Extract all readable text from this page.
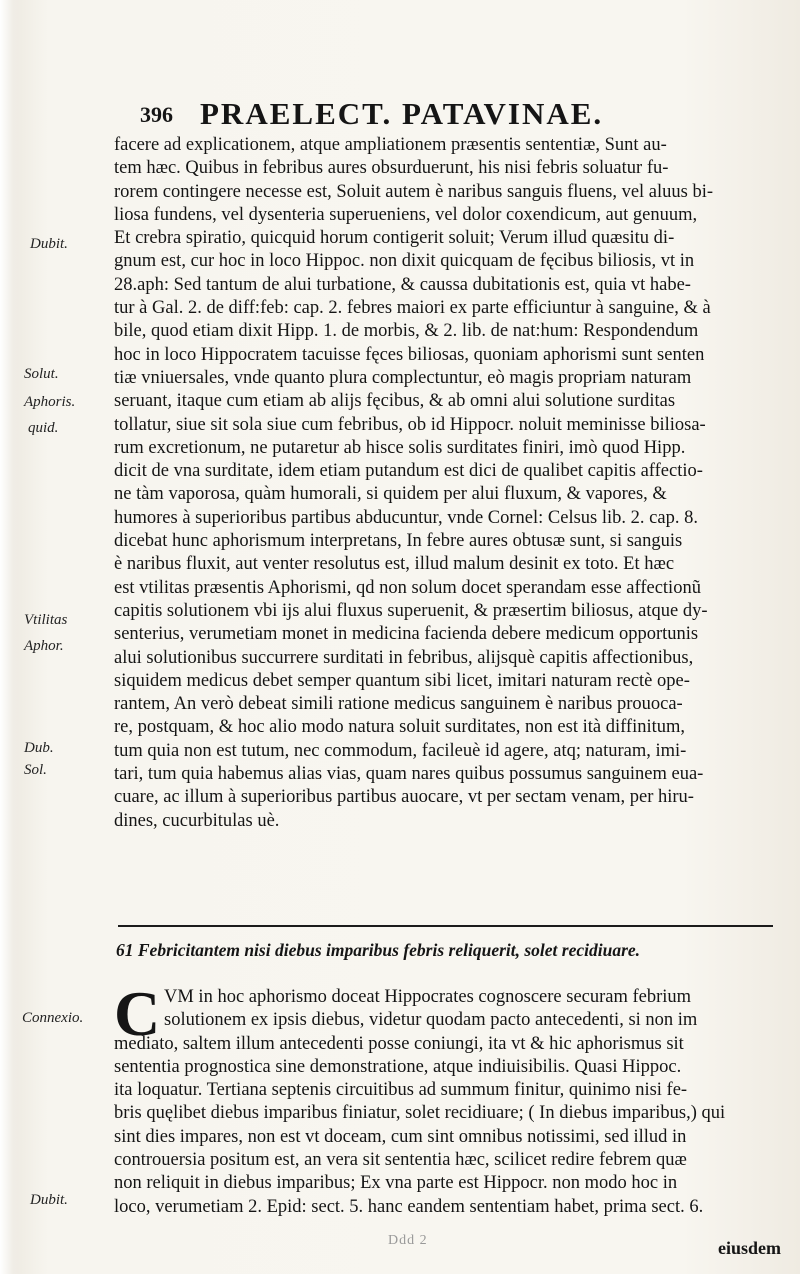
396 PRAELECT. PATAVINAE.
Dubit.
Solut.
Aphoris.
quid.
Vtilitas
Aphor.
Dub.
Sol.
Connexio.
Dubit.
facere ad explicationem, atque ampliationem præsentis sententiæ, Sunt au-
tem hæc. Quibus in febribus aures obsurduerunt, his nisi febris soluatur fu-
rorem contingere necesse est, Soluit autem è naribus sanguis fluens, vel aluus bi-
liosa fundens, vel dysenteria superueniens, vel dolor coxendicum, aut genuum,
Et crebra spiratio, quicquid horum contigerit soluit; Verum illud quæsitu di-
gnum est, cur hoc in loco Hippoc. non dixit quicquam de fęcibus biliosis, vt in
28.aph: Sed tantum de alui turbatione, & caussa dubitationis est, quia vt habe-
tur à Gal. 2. de diff:feb: cap. 2. febres maiori ex parte efficiuntur à sanguine, & à
bile, quod etiam dixit Hipp. 1. de morbis, & 2. lib. de nat:hum: Respondendum
hoc in loco Hippocratem tacuisse fęces biliosas, quoniam aphorismi sunt senten
tiæ vniuersales, vnde quanto plura complectuntur, eò magis propriam naturam
seruant, itaque cum etiam ab alijs fęcibus, & ab omni alui solutione surditas
tollatur, siue sit sola siue cum febribus, ob id Hippocr. noluit meminisse biliosa-
rum excretionum, ne putaretur ab hisce solis surditates finiri, imò quod Hipp.
dicit de vna surditate, idem etiam putandum est dici de qualibet capitis affectio-
ne tàm vaporosa, quàm humorali, si quidem per alui fluxum, & vapores, &
humores à superioribus partibus abducuntur, vnde Cornel: Celsus lib. 2. cap. 8.
dicebat hunc aphorismum interpretans, In febre aures obtusæ sunt, si sanguis
è naribus fluxit, aut venter resolutus est, illud malum desinit ex toto. Et hæc
est vtilitas præsentis Aphorismi, qd non solum docet sperandam esse affectionũ
capitis solutionem vbi ijs alui fluxus superuenit, & præsertim biliosus, atque dy-
senterius, verumetiam monet in medicina facienda debere medicum opportunis
alui solutionibus succurrere surditati in febribus, alijsquè capitis affectionibus,
siquidem medicus debet semper quantum sibi licet, imitari naturam rectè ope-
rantem, An verò debeat simili ratione medicus sanguinem è naribus prouoca-
re, postquam, & hoc alio modo natura soluit surditates, non est ità diffinitum,
tum quia non est tutum, nec commodum, facileuè id agere, atq; naturam, imi-
tari, tum quia habemus alias vias, quam nares quibus possumus sanguinem eua-
cuare, ac illum à superioribus partibus auocare, vt per sectam venam, per hiru-
dines, cucurbitulas uè.
61 Febricitantem nisi diebus imparibus febris reliquerit, solet recidiuare.
C VM in hoc aphorismo doceat Hippocrates cognoscere securam febrium
solutionem ex ipsis diebus, videtur quodam pacto antecedenti, si non im
mediato, saltem illum antecedenti posse coniungi, ita vt & hic aphorismus sit
sententia prognostica sine demonstratione, atque indiuisibilis. Quasi Hippoc.
ita loquatur. Tertiana septenis circuitibus ad summum finitur, quinimo nisi fe-
bris quęlibet diebus imparibus finiatur, solet recidiuare; ( In diebus imparibus,) qui
sint dies impares, non est vt doceam, cum sint omnibus notissimi, sed illud in
controuersia positum est, an vera sit sententia hæc, scilicet redire febrem quæ
non reliquit in diebus imparibus; Ex vna parte est Hippocr. non modo hoc in
loco, verumetiam 2. Epid: sect. 5. hanc eandem sententiam habet, prima sect. 6.
Ddd 2	eiusdem
